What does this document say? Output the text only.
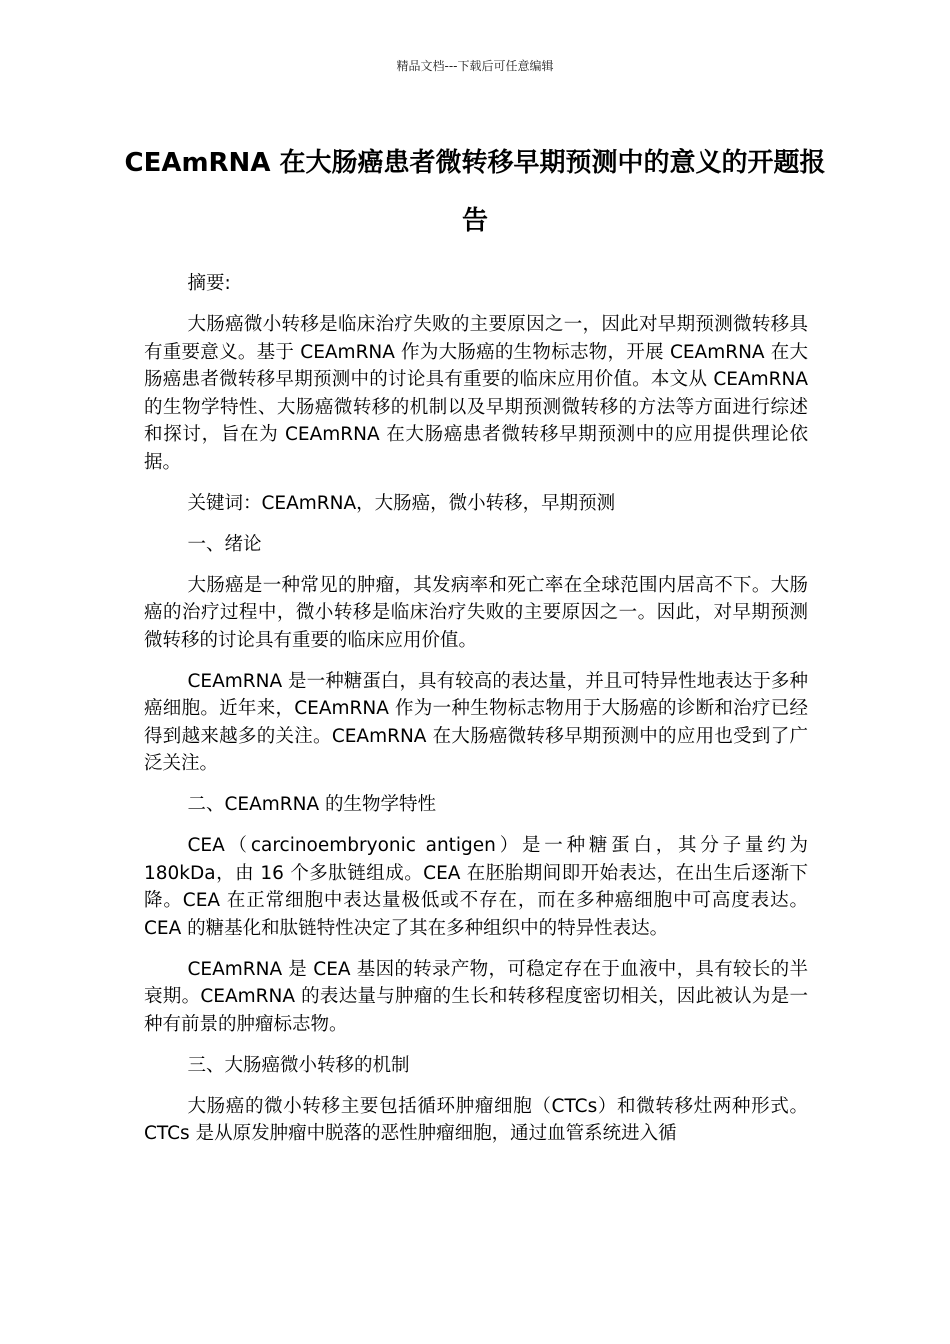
精品文档---下载后可任意编辑
CEAmRNA 在大肠癌患者微转移早期预测中的意义的开题报告

摘要:

大肠癌微小转移是临床治疗失败的主要原因之一，因此对早期预测微转移具有重要意义。基于 CEAmRNA 作为大肠癌的生物标志物，开展 CEAmRNA 在大肠癌患者微转移早期预测中的讨论具有重要的临床应用价值。本文从 CEAmRNA 的生物学特性、大肠癌微转移的机制以及早期预测微转移的方法等方面进行综述和探讨，旨在为 CEAmRNA 在大肠癌患者微转移早期预测中的应用提供理论依据。

关键词：CEAmRNA，大肠癌，微小转移，早期预测

一、绪论

大肠癌是一种常见的肿瘤，其发病率和死亡率在全球范围内居高不下。大肠癌的治疗过程中，微小转移是临床治疗失败的主要原因之一。因此，对早期预测微转移的讨论具有重要的临床应用价值。

CEAmRNA 是一种糖蛋白，具有较高的表达量，并且可特异性地表达于多种癌细胞。近年来，CEAmRNA 作为一种生物标志物用于大肠癌的诊断和治疗已经得到越来越多的关注。CEAmRNA 在大肠癌微转移早期预测中的应用也受到了广泛关注。

二、CEAmRNA 的生物学特性

CEA（carcinoembryonic antigen）是一种糖蛋白，其分子量约为 180kDa，由 16 个多肽链组成。CEA 在胚胎期间即开始表达，在出生后逐渐下降。CEA 在正常细胞中表达量极低或不存在，而在多种癌细胞中可高度表达。CEA 的糖基化和肽链特性决定了其在多种组织中的特异性表达。

CEAmRNA 是 CEA 基因的转录产物，可稳定存在于血液中，具有较长的半衰期。CEAmRNA 的表达量与肿瘤的生长和转移程度密切相关，因此被认为是一种有前景的肿瘤标志物。

三、大肠癌微小转移的机制

大肠癌的微小转移主要包括循环肿瘤细胞（CTCs）和微转移灶两种形式。CTCs 是从原发肿瘤中脱落的恶性肿瘤细胞，通过血管系统进入循
